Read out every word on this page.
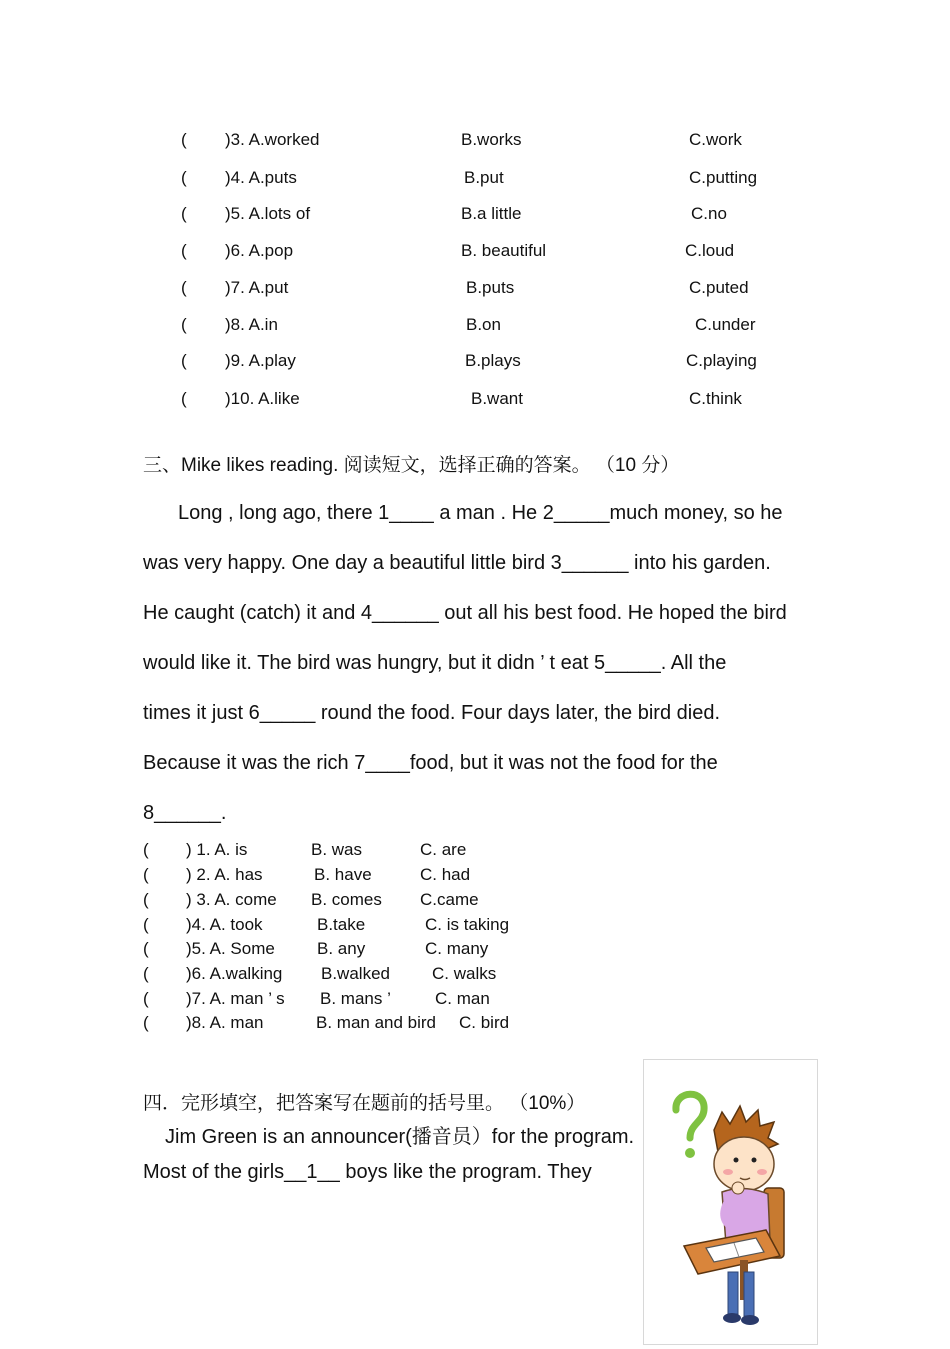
( )3. A.worked	B.works	C.work
( )4. A.puts	B.put	C.putting
( )5. A.lots of	B.a little	C.no
( )6. A.pop	B. beautiful	C.loud
( )7. A.put	B.puts	C.puted
( )8. A.in	B.on	C.under
( )9. A.play	B.plays	C.playing
( )10. A.like	B.want	C.think
三、Mike likes reading. 阅读短文，选择正确的答案。 （10 分）
Long , long ago, there 1____ a man . He 2_____much money, so he
was very happy. One day a beautiful little bird 3______ into his garden.
He caught (catch) it and 4______ out all his best food. He hoped the bird
would like it. The bird was hungry, but it didn ’ t eat 5_____. All the
times it just 6_____ round the food. Four days later, the bird died.
Because it was the rich 7____food, but it was not the food for the
8______.
( ) 1. A. is	B. was	C. are
( ) 2. A. has	B. have	C. had
( ) 3. A. come B. comes C.came
( )4. A. took	B.take	C. is taking
( )5. A. Some B. any	C. many
( )6. A.walking B.walked C. walks
( )7. A. man ’ s B. mans ’	C. man
( )8. A. man	B. man and bird C. bird
四．完形填空，把答案写在题前的括号里。 （10%）
Jim Green is an announcer(播音员）for the program.
Most of the girls__1__ boys like the program. They
